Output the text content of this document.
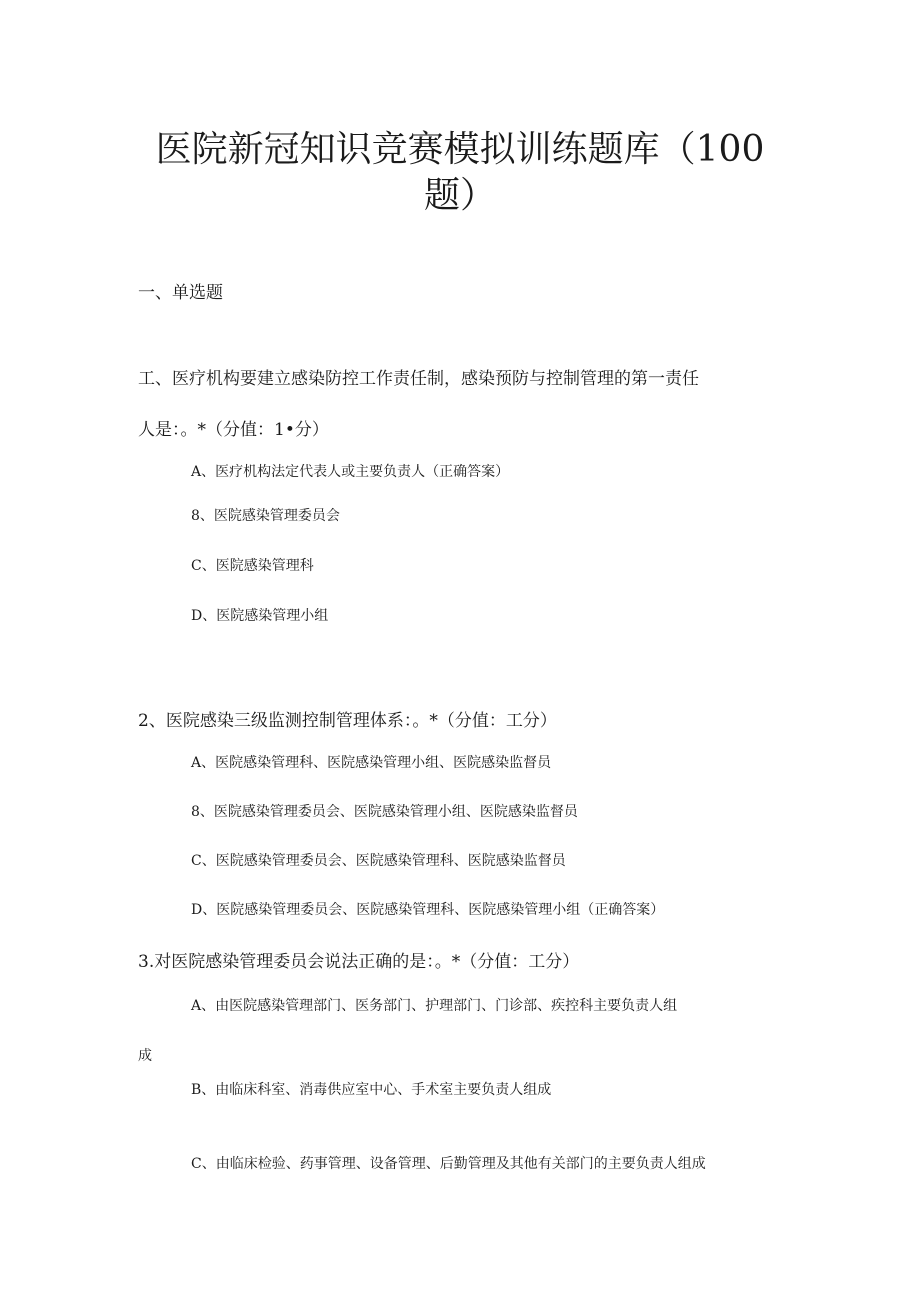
医院新冠知识竞赛模拟训练题库（100
题）
一、单选题
工、医疗机构要建立感染防控工作责任制，感染预防与控制管理的第一责任
人是：。*（分值：1•分）
A、医疗机构法定代表人或主要负责人（正确答案）
8、医院感染管理委员会
C、医院感染管理科
D、医院感染管理小组
2、医院感染三级监测控制管理体系：。*（分值：工分）
A、医院感染管理科、医院感染管理小组、医院感染监督员
8、医院感染管理委员会、医院感染管理小组、医院感染监督员
C、医院感染管理委员会、医院感染管理科、医院感染监督员
D、医院感染管理委员会、医院感染管理科、医院感染管理小组（正确答案）
3.对医院感染管理委员会说法正确的是：。*（分值：工分）
A、由医院感染管理部门、医务部门、护理部门、门诊部、疾控科主要负责人组
成
B、由临床科室、消毒供应室中心、手术室主要负责人组成
C、由临床检验、药事管理、设备管理、后勤管理及其他有关部门的主要负责人组成
